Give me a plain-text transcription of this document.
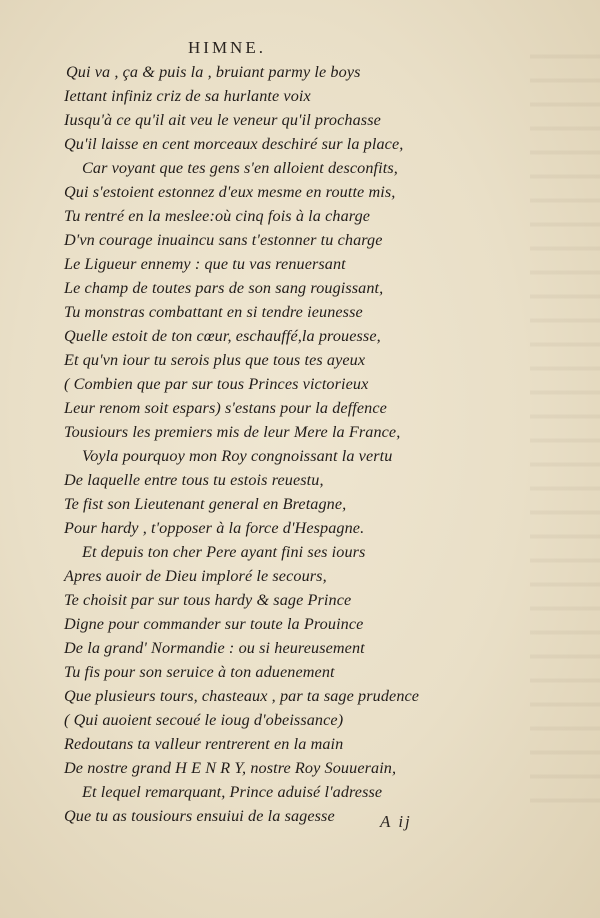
HIMNE.
Qui va , ça & puis la , bruiant parmy le boys
Iettant infiniz criz de sa hurlante voix
Iusqu'à ce qu'il ait veu le veneur qu'il prochasse
Qu'il laisse en cent morceaux deschiré sur la place,
Car voyant que tes gens s'en alloient desconfits,
Qui s'estoient estonnez d'eux mesme en routte mis,
Tu rentré en la meslee:où cinq fois à la charge
D'vn courage inuaincu sans t'estonner tu charge
Le Ligueur ennemy : que tu vas renuersant
Le champ de toutes pars de son sang rougissant,
Tu monstras combattant en si tendre ieunesse
Quelle estoit de ton cœur, eschauffé,la prouesse,
Et qu'vn iour tu serois plus que tous tes ayeux
( Combien que par sur tous Princes victorieux
Leur renom soit espars) s'estans pour la deffence
Tousiours les premiers mis de leur Mere la France,
Voyla pourquoy mon Roy congnoissant la vertu
De laquelle entre tous tu estois reuestu,
Te fist son Lieutenant general en Bretagne,
Pour hardy , t'opposer à la force d'Hespagne.
Et depuis ton cher Pere ayant fini ses iours
Apres auoir de Dieu imploré le secours,
Te choisit par sur tous hardy & sage Prince
Digne pour commander sur toute la Prouince
De la grand' Normandie : ou si heureusement
Tu fis pour son seruice à ton aduenement
Que plusieurs tours, chasteaux , par ta sage prudence
( Qui auoient secoué le ioug d'obeissance)
Redoutans ta valleur rentrerent en la main
De nostre grand H E N R Y, nostre Roy Souuerain,
Et lequel remarquant, Prince aduisé l'adresse
Que tu as tousiours ensuiui de la sagesse	A ij
